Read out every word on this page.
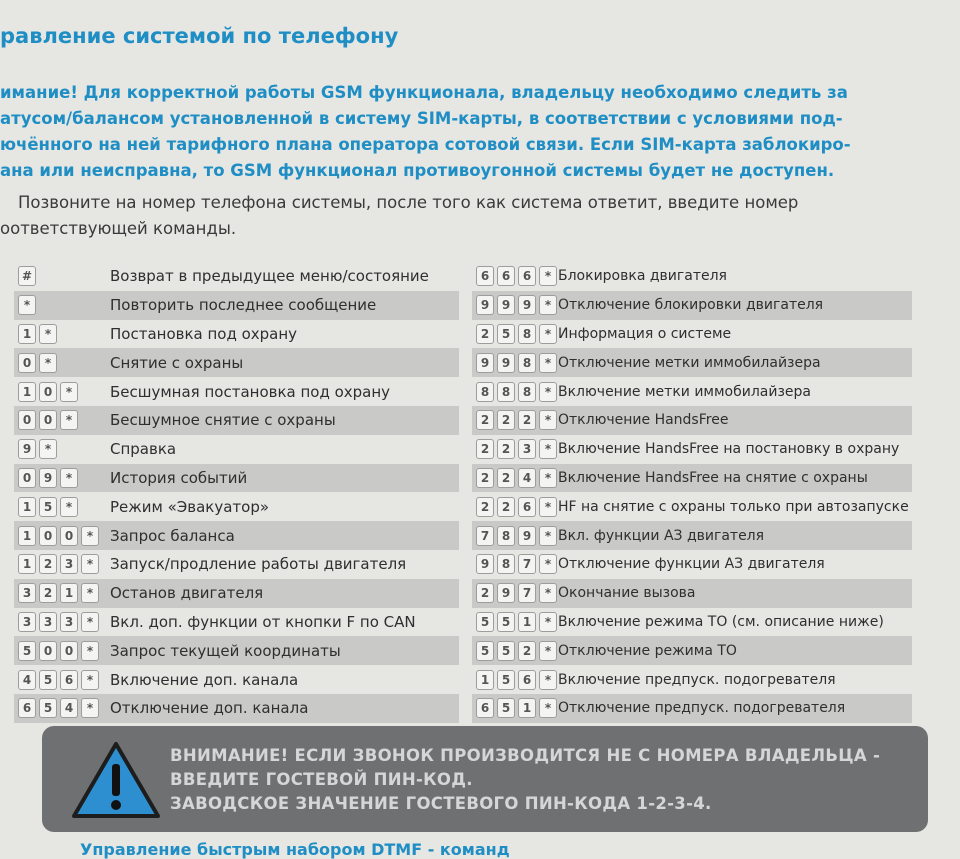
равление системой по телефону
имание! Для корректной работы GSM функционала, владельцу необходимо следить за
атусом/балансом установленной в систему SIM-карты, в соответствии с условиями под-
ючённого на ней тарифного плана оператора сотовой связи. Если SIM-карта заблокиро-
ана или неисправна, то GSM функционал противоугонной системы будет не доступен.
Позвоните на номер телефона системы, после того как система ответит, введите номер
оответствующей команды.
#	Возврат в предыдущее меню/состояние
*	Повторить последнее сообщение
1	*	Постановка под охрану
0	*	Снятие с охраны
1	0	*	Бесшумная постановка под охрану
0	0	*	Бесшумное снятие с охраны
9	*	Справка
0	9	*	История событий
1	5	*	Режим «Эвакуатор»
1	0	0	*	Запрос баланса
1	2	3	*	Запуск/продление работы двигателя
3	2	1	*	Останов двигателя
3	3	3	*	Вкл. доп. функции от кнопки F по CAN
5	0	0	*	Запрос текущей координаты
4	5	6	*	Включение доп. канала
6	5	4	*	Отключение доп. канала
6	6	6	* Блокировка двигателя
9	9	9	* Отключение блокировки двигателя
2	5	8	* Информация о системе
9	9	8	* Отключение метки иммобилайзера
8	8	8	* Включение метки иммобилайзера
2	2	2	* Отключение HandsFree
2	2	3	* Включение HandsFree на постановку в охрану
2	2	4	* Включение HandsFree на снятие с охраны
2	2	6	* HF на снятие с охраны только при автозапуске
7	8	9	* Вкл. функции АЗ двигателя
9	8	7	* Отключение функции АЗ двигателя
2	9	7	* Окончание вызова
5	5	1	* Включение режима ТО (см. описание ниже)
5	5	2	* Отключение режима ТО
1	5	6	* Включение предпуск. подогревателя
6	5	1	* Отключение предпуск. подогревателя
ВНИМАНИЕ! ЕСЛИ ЗВОНОК ПРОИЗВОДИТСЯ НЕ С НОМЕРА ВЛАДЕЛЬЦА -
ВВЕДИТЕ ГОСТЕВОЙ ПИН-КОД.
ЗАВОДСКОЕ ЗНАЧЕНИЕ ГОСТЕВОГО ПИН-КОДА 1-2-3-4.
Управление быстрым набором DTMF - команд
